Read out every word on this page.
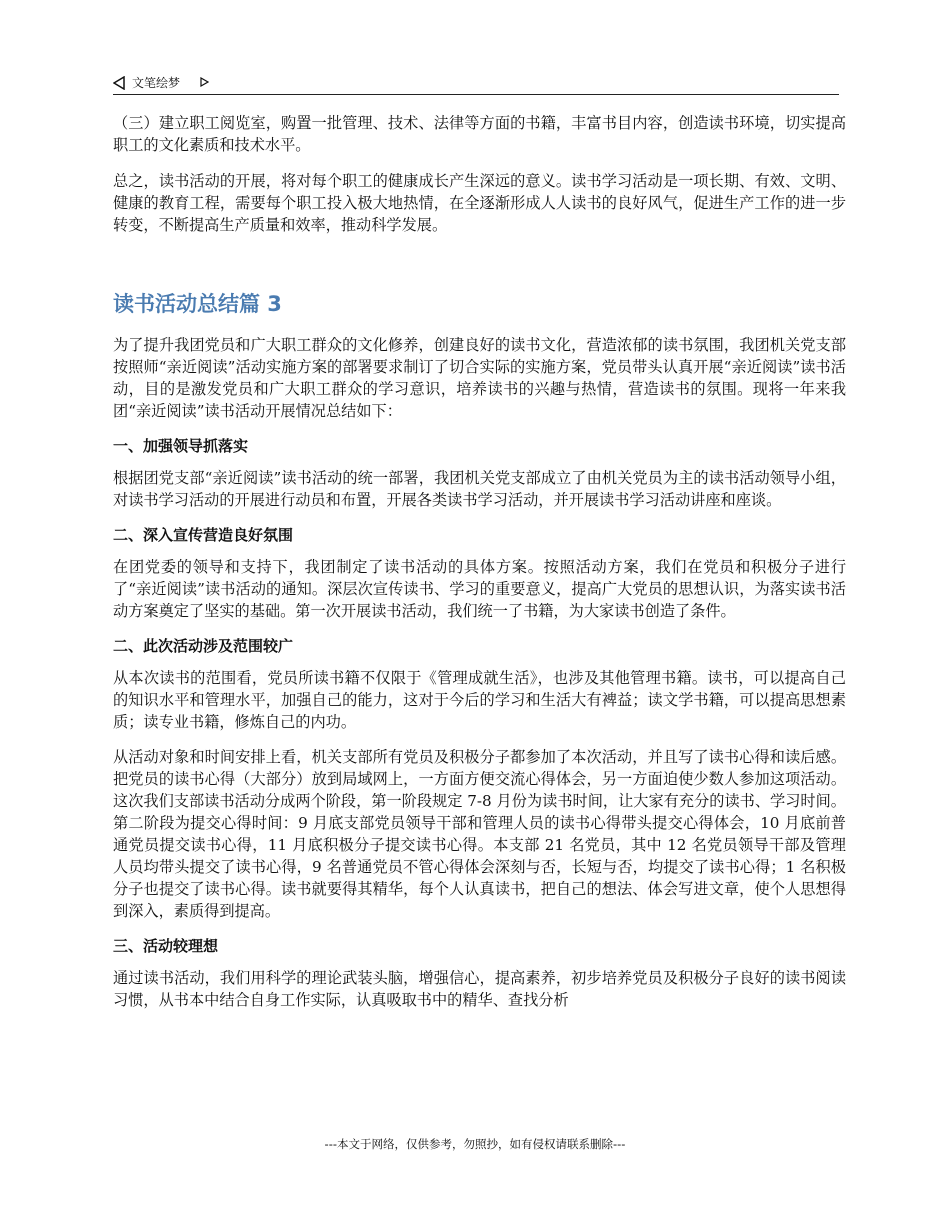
文笔绘梦

（三）建立职工阅览室，购置一批管理、技术、法律等方面的书籍，丰富书目内容，创造读书环境，切实提高职工的文化素质和技术水平。

总之，读书活动的开展，将对每个职工的健康成长产生深远的意义。读书学习活动是一项长期、有效、文明、健康的教育工程，需要每个职工投入极大地热情，在全逐渐形成人人读书的良好风气，促进生产工作的进一步转变，不断提高生产质量和效率，推动科学发展。

读书活动总结篇 3

为了提升我团党员和广大职工群众的文化修养，创建良好的读书文化，营造浓郁的读书氛围，我团机关党支部按照师“亲近阅读”活动实施方案的部署要求制订了切合实际的实施方案，党员带头认真开展“亲近阅读”读书活动，目的是激发党员和广大职工群众的学习意识，培养读书的兴趣与热情，营造读书的氛围。现将一年来我团“亲近阅读”读书活动开展情况总结如下：

一、加强领导抓落实

根据团党支部“亲近阅读”读书活动的统一部署，我团机关党支部成立了由机关党员为主的读书活动领导小组，对读书学习活动的开展进行动员和布置，开展各类读书学习活动，并开展读书学习活动讲座和座谈。

二、深入宣传营造良好氛围

在团党委的领导和支持下，我团制定了读书活动的具体方案。按照活动方案，我们在党员和积极分子进行了“亲近阅读”读书活动的通知。深层次宣传读书、学习的重要意义，提高广大党员的思想认识，为落实读书活动方案奠定了坚实的基础。第一次开展读书活动，我们统一了书籍，为大家读书创造了条件。

二、此次活动涉及范围较广

从本次读书的范围看，党员所读书籍不仅限于《管理成就生活》，也涉及其他管理书籍。读书，可以提高自己的知识水平和管理水平，加强自己的能力，这对于今后的学习和生活大有裨益；读文学书籍，可以提高思想素质；读专业书籍，修炼自己的内功。

从活动对象和时间安排上看，机关支部所有党员及积极分子都参加了本次活动，并且写了读书心得和读后感。把党员的读书心得（大部分）放到局域网上，一方面方便交流心得体会，另一方面迫使少数人参加这项活动。这次我们支部读书活动分成两个阶段，第一阶段规定 7-8 月份为读书时间，让大家有充分的读书、学习时间。第二阶段为提交心得时间：9 月底支部党员领导干部和管理人员的读书心得带头提交心得体会，10 月底前普通党员提交读书心得，11 月底积极分子提交读书心得。本支部 21 名党员，其中 12 名党员领导干部及管理人员均带头提交了读书心得，9 名普通党员不管心得体会深刻与否，长短与否，均提交了读书心得；1 名积极分子也提交了读书心得。读书就要得其精华，每个人认真读书，把自己的想法、体会写进文章，使个人思想得到深入，素质得到提高。

三、活动较理想

通过读书活动，我们用科学的理论武装头脑，增强信心，提高素养，初步培养党员及积极分子良好的读书阅读习惯，从书本中结合自身工作实际，认真吸取书中的精华、查找分析

---本文于网络，仅供参考，勿照抄，如有侵权请联系删除---
